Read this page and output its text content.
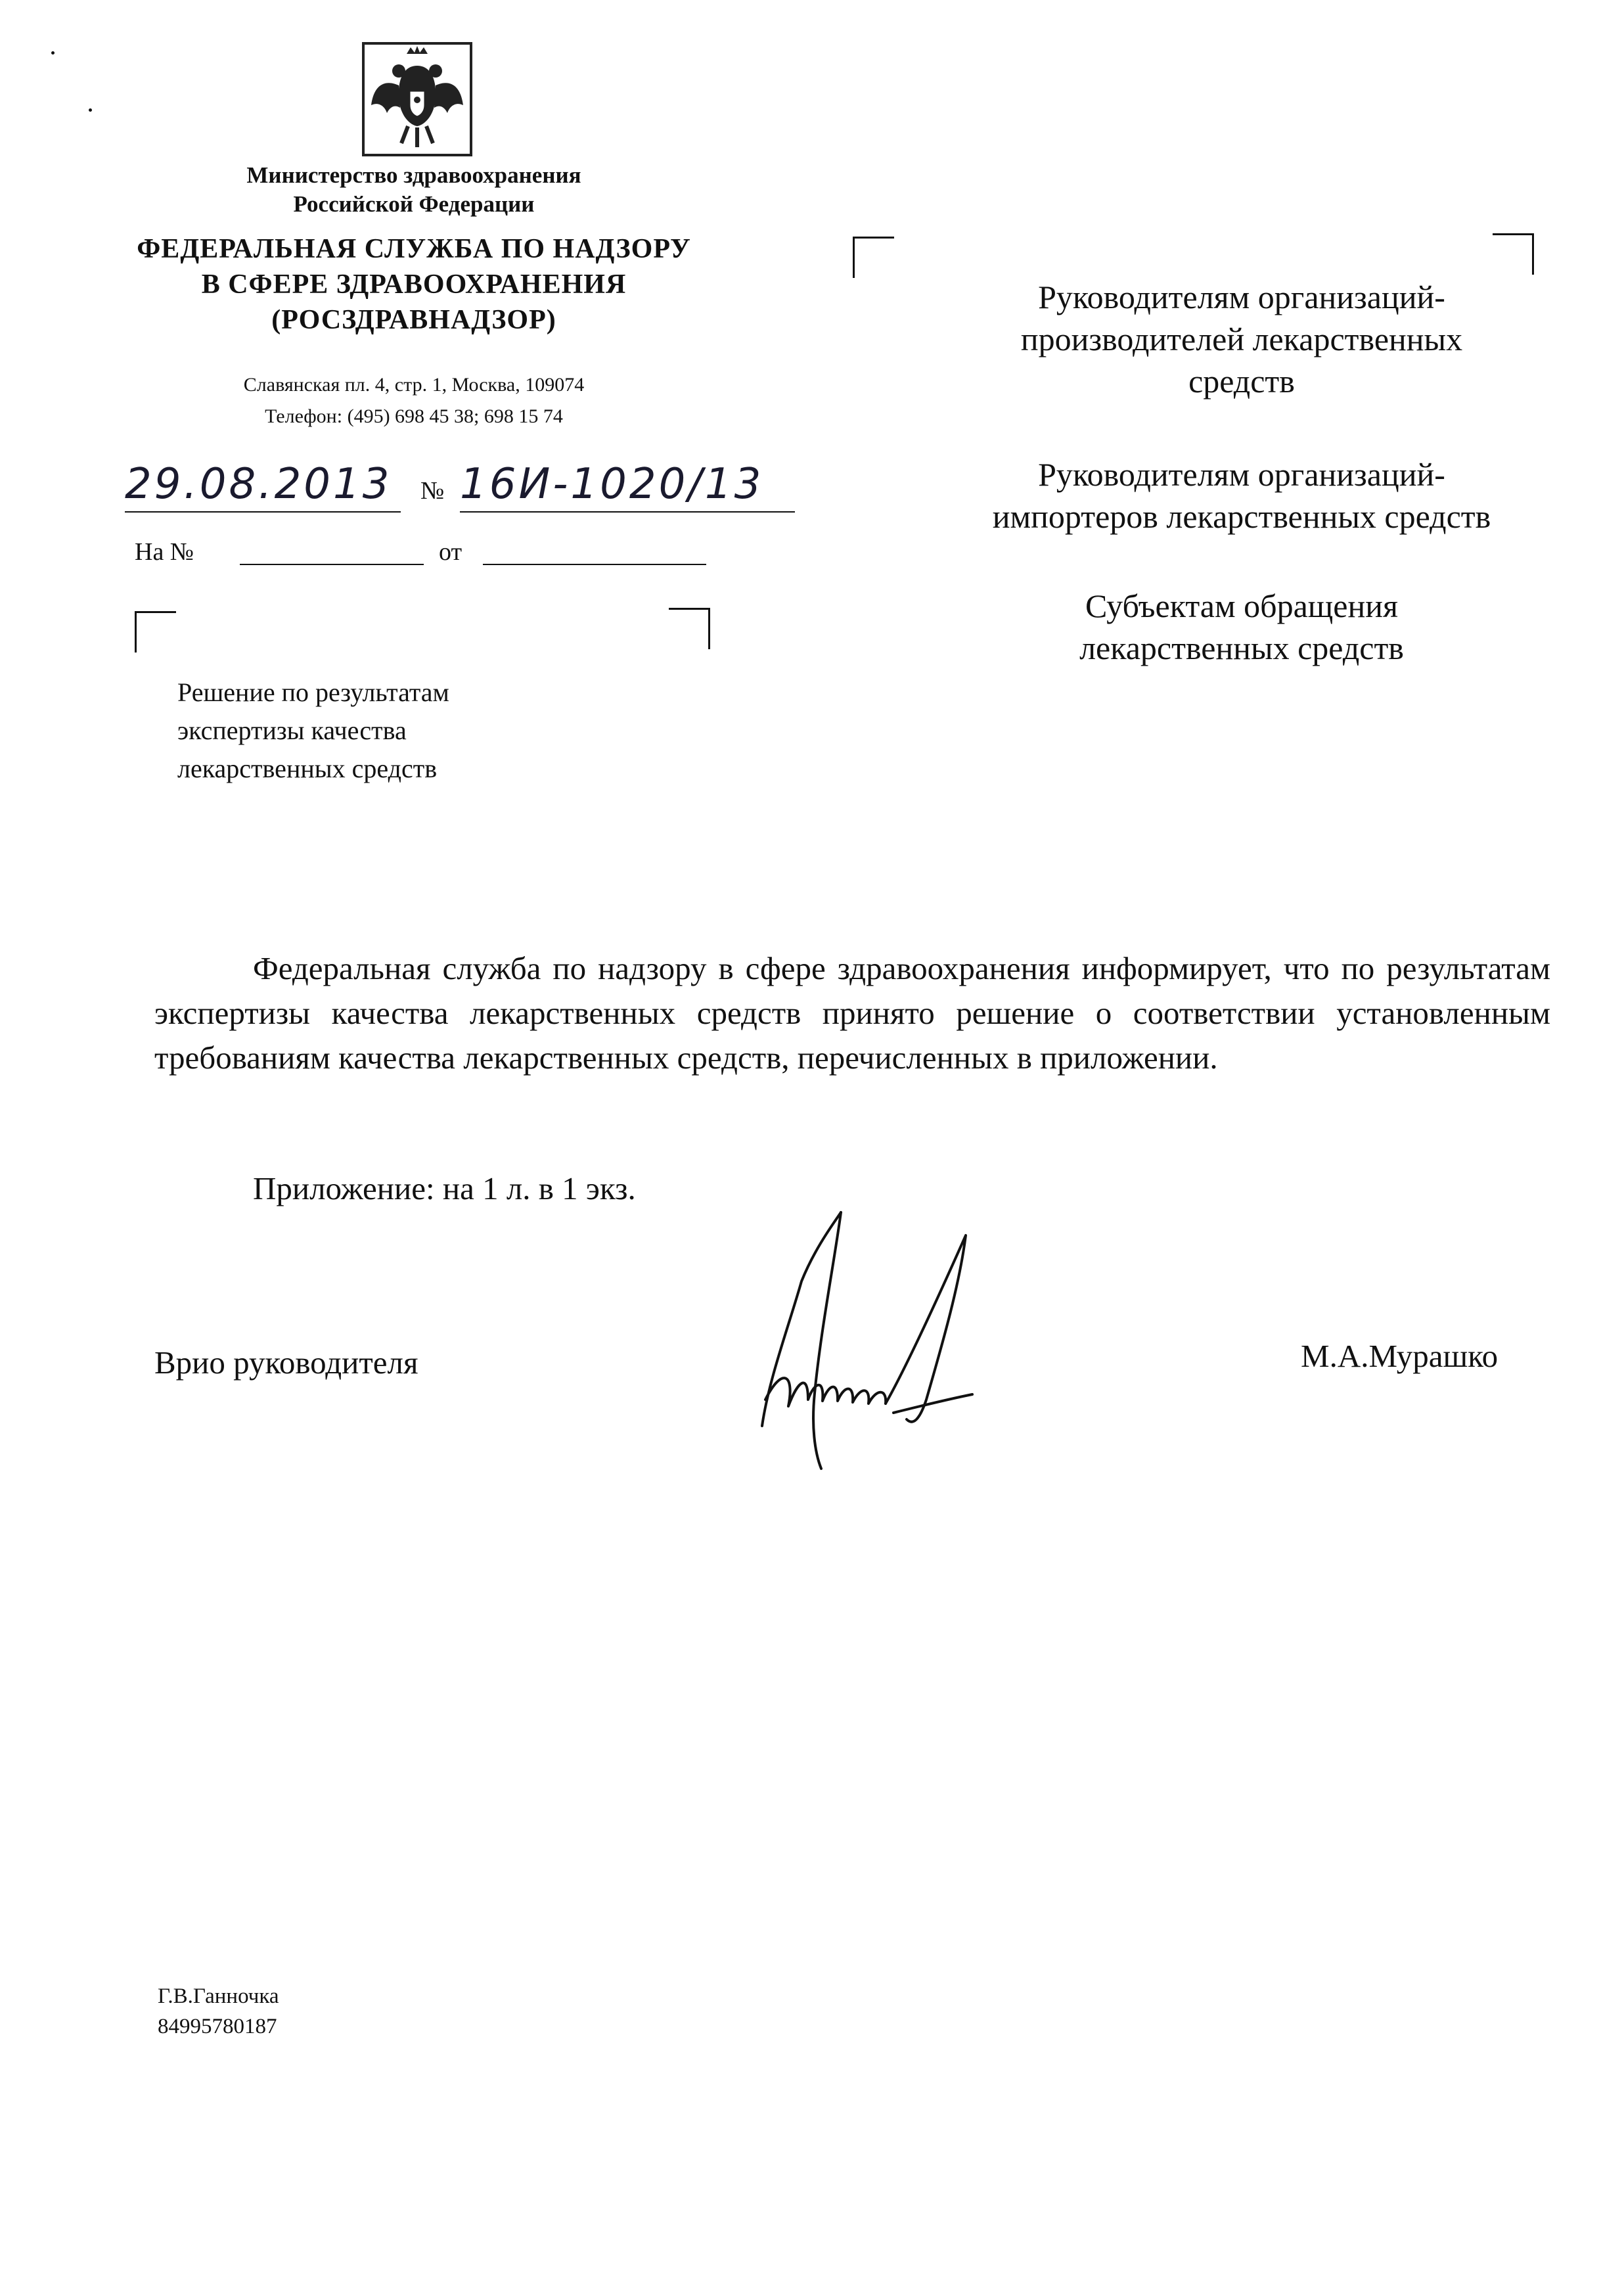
Министерство здравоохранения
Российской Федерации
ФЕДЕРАЛЬНАЯ СЛУЖБА ПО НАДЗОРУ
В СФЕРЕ ЗДРАВООХРАНЕНИЯ
(РОСЗДРАВНАДЗОР)
Славянская пл. 4, стр. 1, Москва, 109074
Телефон: (495) 698 45 38; 698 15 74
29.08.2013	№ 16И-1020/13
На №	от
Руководителям организаций-
производителей лекарственных
средств
Руководителям организаций-
импортеров лекарственных средств
Субъектам обращения
лекарственных средств
Решение по результатам
экспертизы качества
лекарственных средств
Федеральная служба по надзору в сфере здравоохранения информирует, что по результатам экспертизы качества лекарственных средств принято решение о соответствии установленным требованиям качества лекарственных средств, перечисленных в приложении.
Приложение: на 1 л. в 1 экз.
Врио руководителя	М.А.Мурашко
Г.В.Ганночка
84995780187
